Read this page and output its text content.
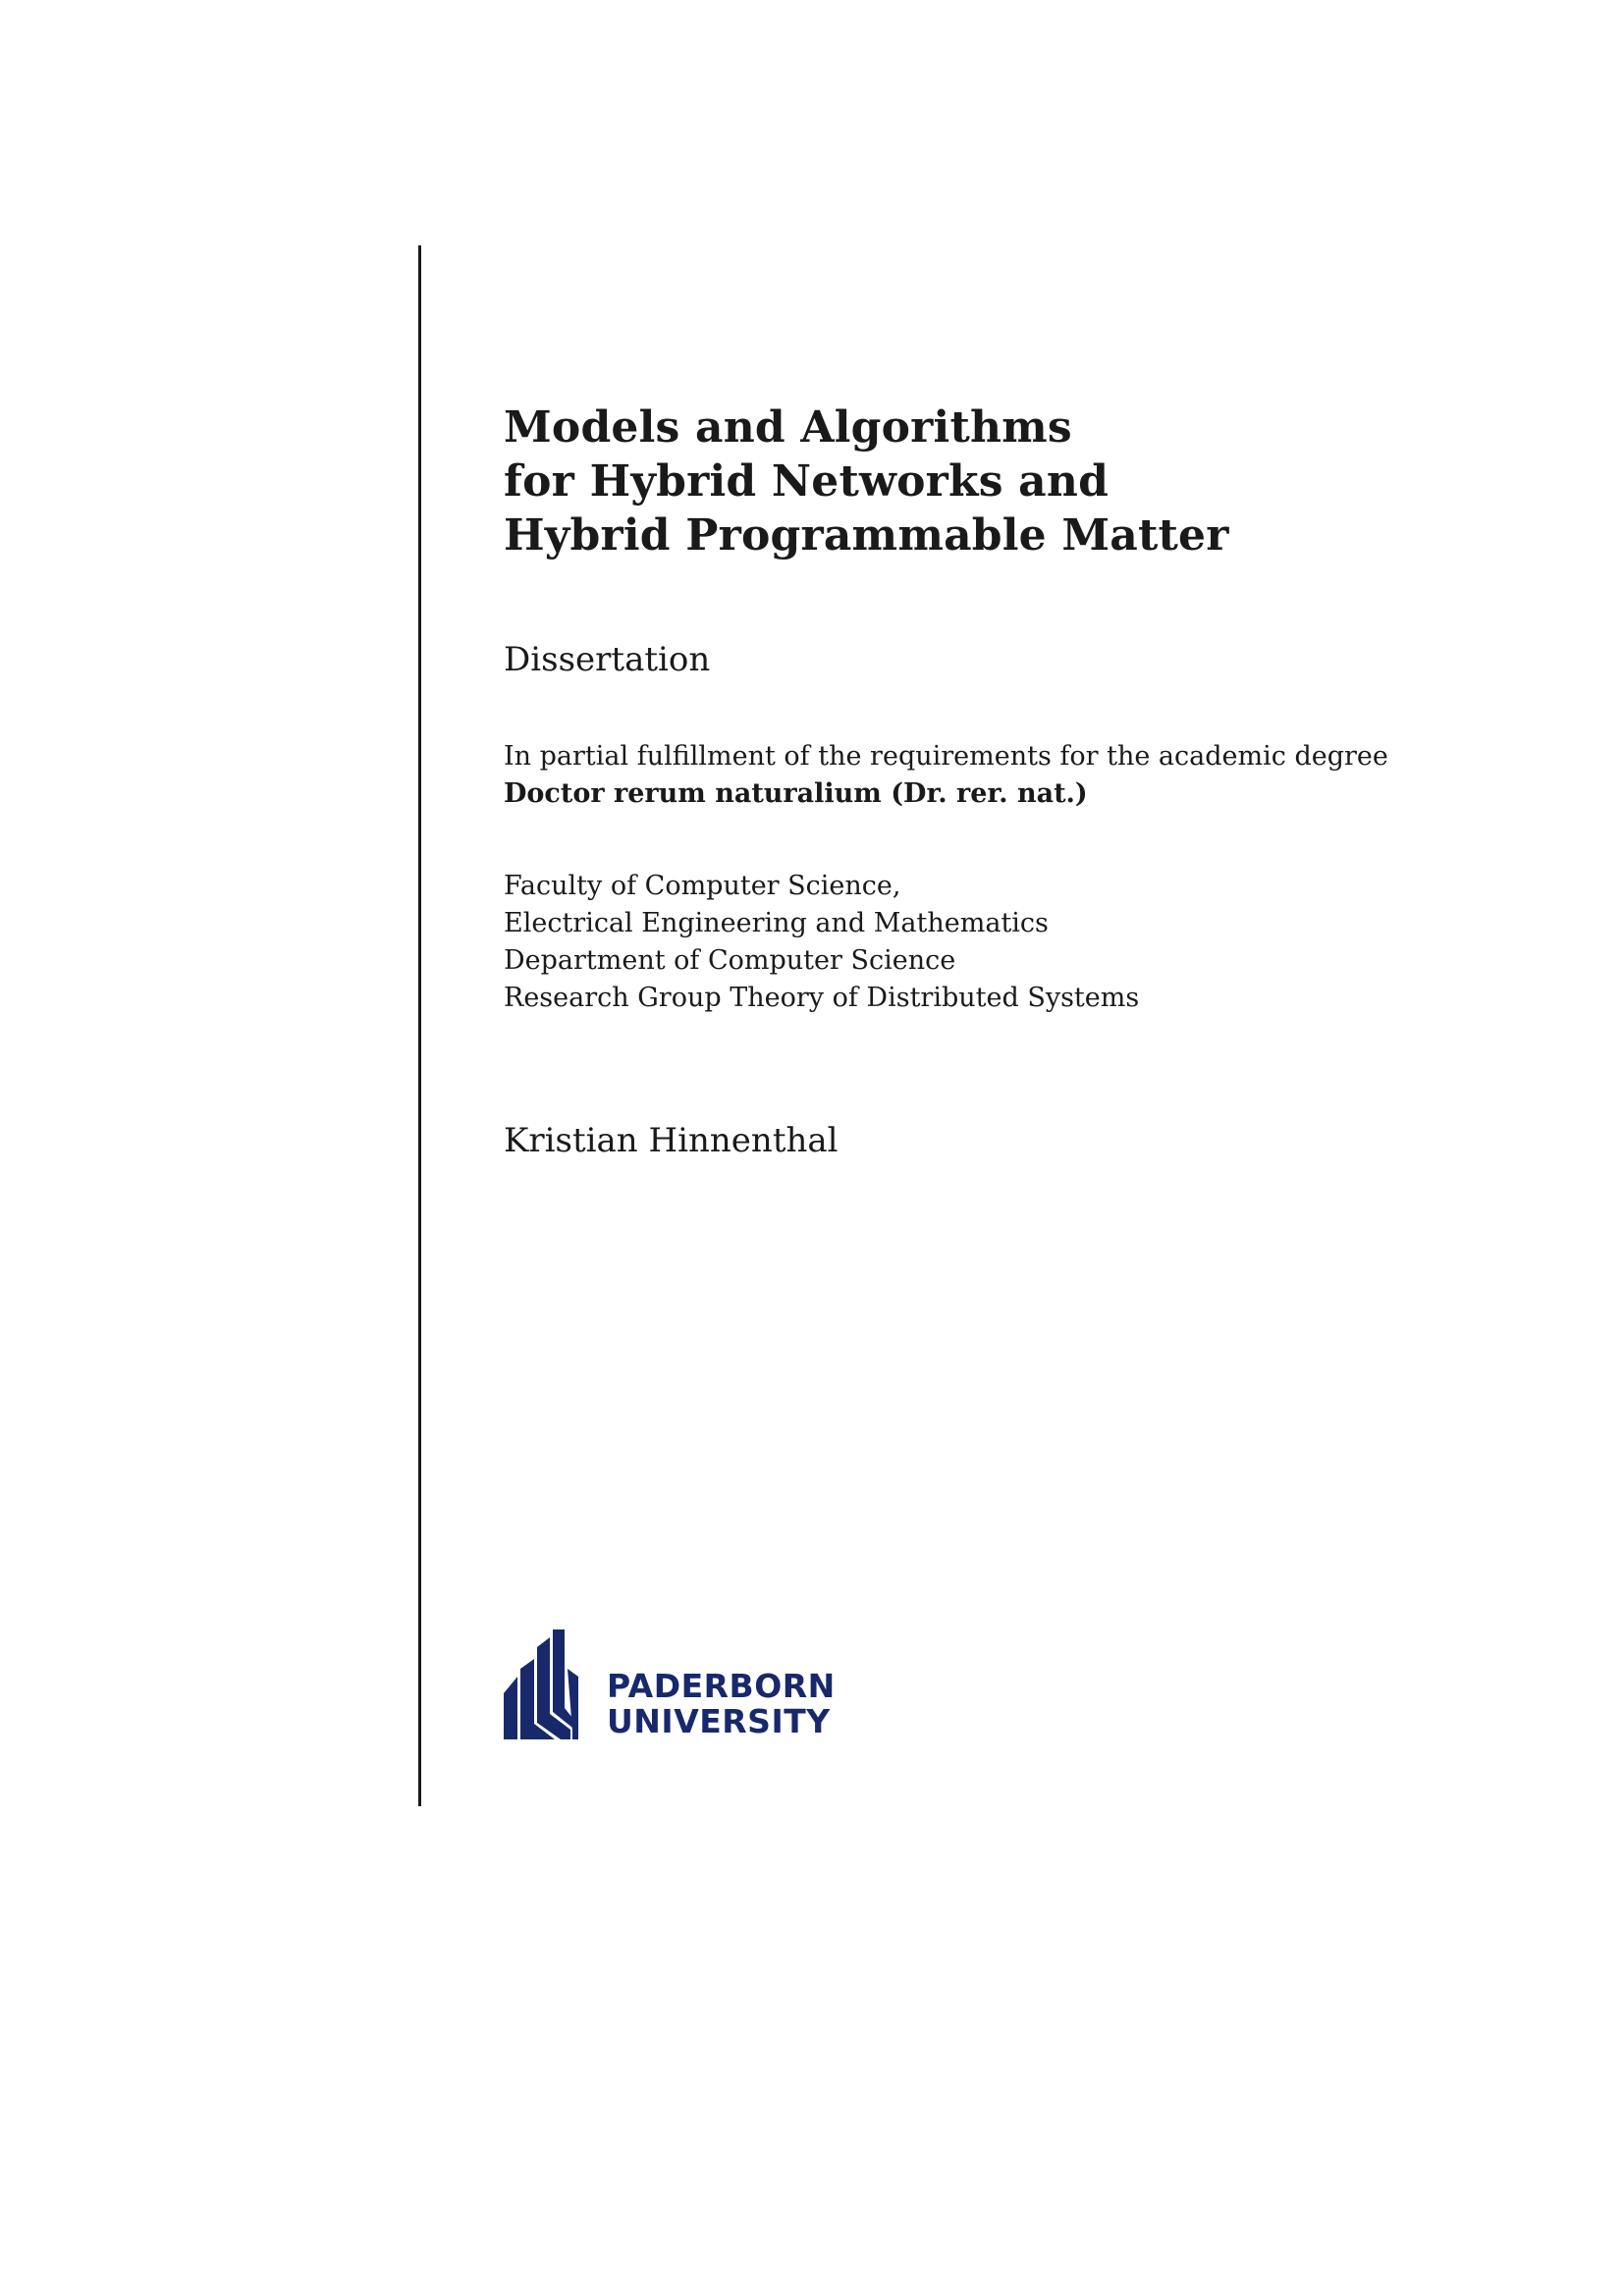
Models and Algorithms
for Hybrid Networks and
Hybrid Programmable Matter
Dissertation
In partial fulfillment of the requirements for the academic degree
Doctor rerum naturalium (Dr. rer. nat.)
Faculty of Computer Science,
Electrical Engineering and Mathematics
Department of Computer Science
Research Group Theory of Distributed Systems
Kristian Hinnenthal
PADERBORN
UNIVERSITY
